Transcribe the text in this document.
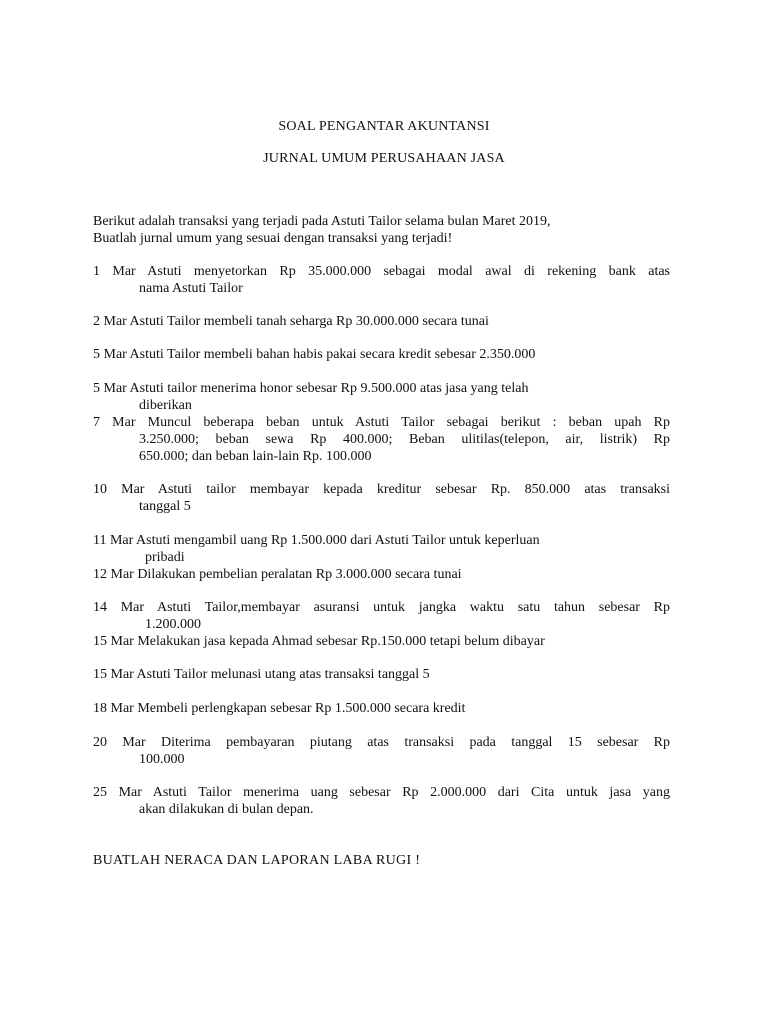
SOAL PENGANTAR AKUNTANSI
JURNAL UMUM PERUSAHAAN JASA
Berikut adalah transaksi yang terjadi pada Astuti Tailor selama bulan Maret 2019,
Buatlah jurnal umum yang sesuai dengan transaksi yang terjadi!
1 Mar Astuti menyetorkan Rp 35.000.000 sebagai modal awal di rekening bank atas
nama Astuti Tailor
2 Mar Astuti Tailor membeli tanah seharga Rp 30.000.000 secara tunai
5 Mar Astuti Tailor membeli bahan habis pakai secara kredit sebesar 2.350.000
5 Mar Astuti tailor menerima honor sebesar Rp 9.500.000 atas jasa yang telah
diberikan
7 Mar Muncul beberapa beban untuk Astuti Tailor sebagai berikut : beban upah Rp
3.250.000; beban sewa Rp 400.000; Beban ulitilas(telepon, air, listrik) Rp
650.000; dan beban lain-lain Rp. 100.000
10 Mar Astuti tailor membayar kepada kreditur sebesar Rp. 850.000 atas transaksi
tanggal 5
11 Mar Astuti mengambil uang Rp 1.500.000 dari Astuti Tailor untuk keperluan
pribadi
12 Mar Dilakukan pembelian peralatan Rp 3.000.000 secara tunai
14 Mar Astuti Tailor,membayar asuransi untuk jangka waktu satu tahun sebesar Rp
1.200.000
15 Mar Melakukan jasa kepada Ahmad sebesar Rp.150.000 tetapi belum dibayar
15 Mar Astuti Tailor melunasi utang atas transaksi tanggal 5
18 Mar Membeli perlengkapan sebesar Rp 1.500.000 secara kredit
20 Mar Diterima pembayaran piutang atas transaksi pada tanggal 15 sebesar Rp
100.000
25 Mar Astuti Tailor menerima uang sebesar Rp 2.000.000 dari Cita untuk jasa yang
akan dilakukan di bulan depan.
BUATLAH NERACA DAN LAPORAN LABA RUGI !
